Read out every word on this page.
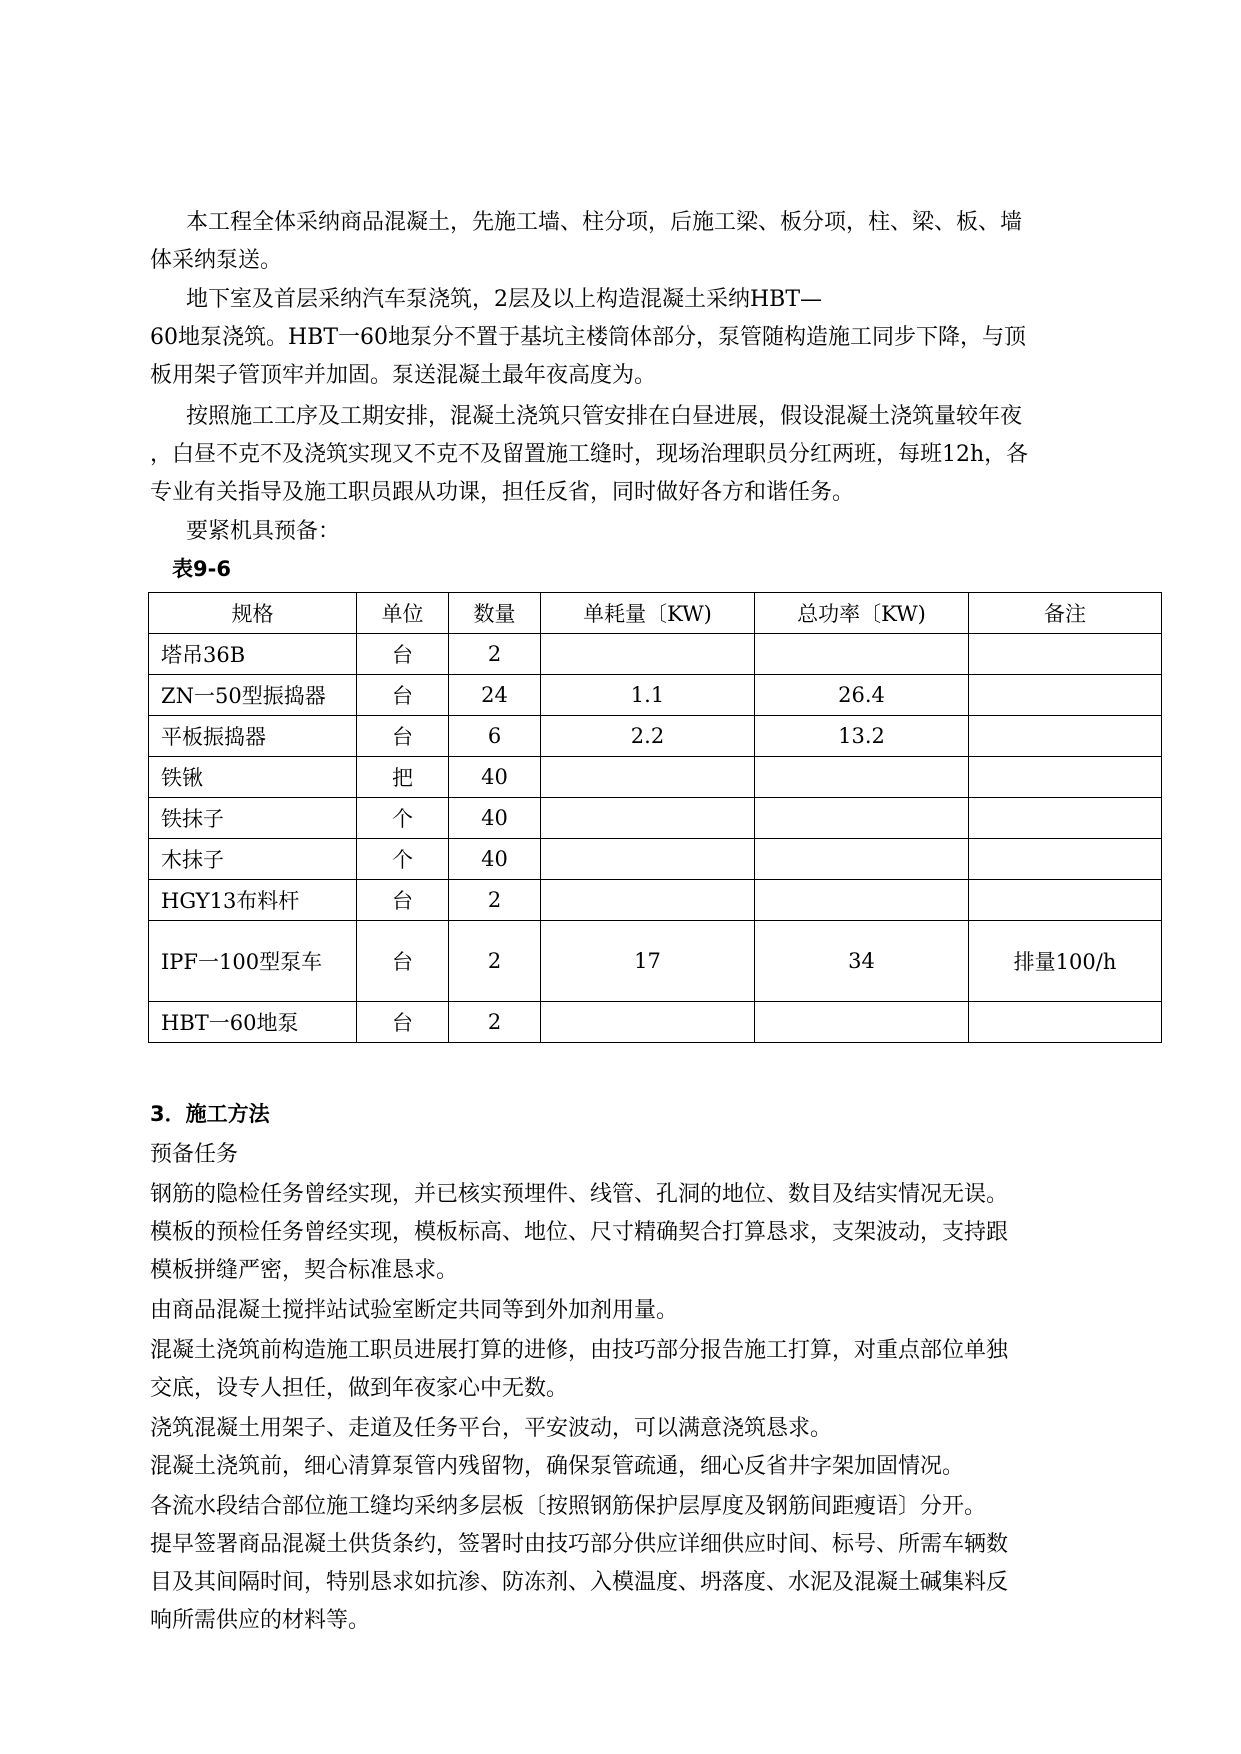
本工程全体采纳商品混凝土，先施工墙、柱分项，后施工梁、板分项，柱、梁、板、墙

体采纳泵送。

地下室及首层采纳汽车泵浇筑，2层及以上构造混凝土采纳HBT—

60地泵浇筑。HBT一60地泵分不置于基坑主楼筒体部分，泵管随构造施工同步下降，与顶

板用架子管顶牢并加固。泵送混凝土最年夜高度为。

按照施工工序及工期安排，混凝土浇筑只管安排在白昼进展，假设混凝土浇筑量较年夜

，白昼不克不及浇筑实现又不克不及留置施工缝时，现场治理职员分红两班，每班12h，各

专业有关指导及施工职员跟从功课，担任反省，同时做好各方和谐任务。

要紧机具预备：

表9-6

规格	单位	数量	单耗量〔KW)	总功率〔KW)	备注
塔吊36B	台	2			
ZN一50型振捣器	台	24	1.1	26.4	
平板振捣器	台	6	2.2	13.2	
铁锹	把	40			
铁抹子	个	40			
木抹子	个	40			
HGY13布料杆	台	2			
IPF一100型泵车	台	2	17	34	排量100/h
HBT一60地泵	台	2			

3．施工方法

预备任务

钢筋的隐检任务曾经实现，并已核实预埋件、线管、孔洞的地位、数目及结实情况无误。

模板的预检任务曾经实现，模板标高、地位、尺寸精确契合打算恳求，支架波动，支持跟

模板拼缝严密，契合标准恳求。

由商品混凝土搅拌站试验室断定共同等到外加剂用量。

混凝土浇筑前构造施工职员进展打算的进修，由技巧部分报告施工打算，对重点部位单独

交底，设专人担任，做到年夜家心中无数。

浇筑混凝土用架子、走道及任务平台，平安波动，可以满意浇筑恳求。

混凝土浇筑前，细心清算泵管内残留物，确保泵管疏通，细心反省井字架加固情况。

各流水段结合部位施工缝均采纳多层板〔按照钢筋保护层厚度及钢筋间距瘦语〕分开。

提早签署商品混凝土供货条约，签署时由技巧部分供应详细供应时间、标号、所需车辆数

目及其间隔时间，特别恳求如抗渗、防冻剂、入模温度、坍落度、水泥及混凝土碱集料反

响所需供应的材料等。
